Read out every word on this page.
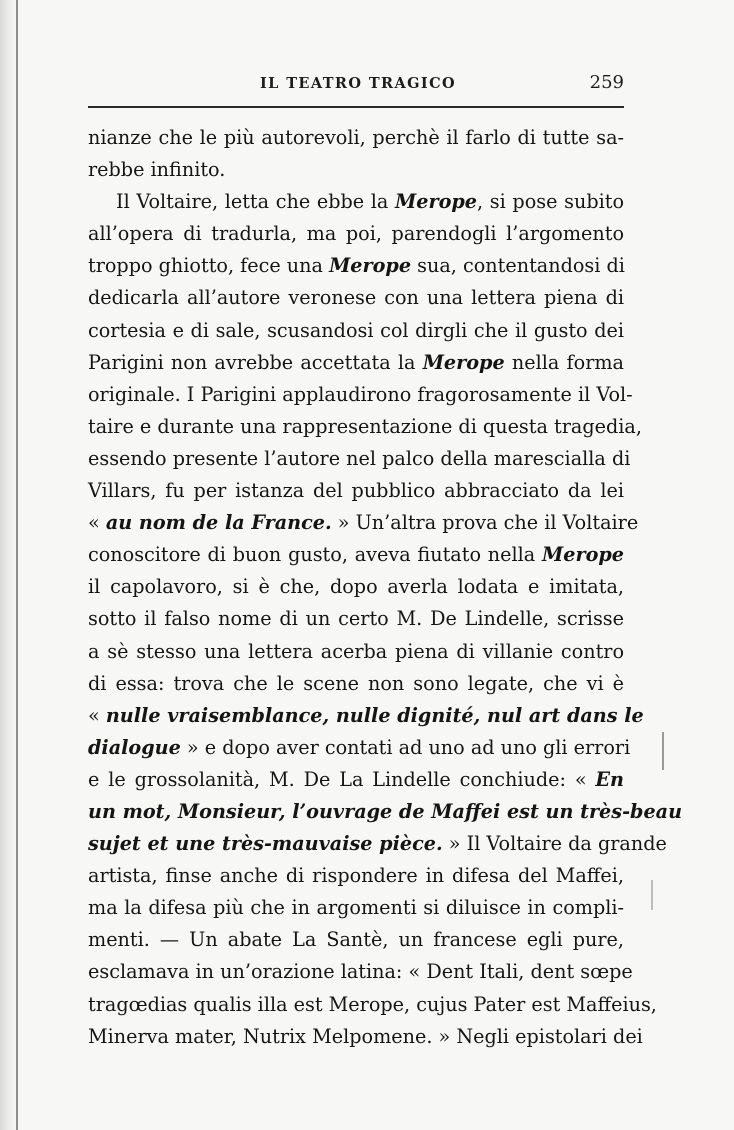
IL TEATRO TRAGICO	259
nianze che le più autorevoli, perchè il farlo di tutte sa-
rebbe infinito.
Il Voltaire, letta che ebbe la Merope, si pose subito
all’opera di tradurla, ma poi, parendogli l’argomento
troppo ghiotto, fece una Merope sua, contentandosi di
dedicarla all’autore veronese con una lettera piena di
cortesia e di sale, scusandosi col dirgli che il gusto dei
Parigini non avrebbe accettata la Merope nella forma
originale. I Parigini applaudirono fragorosamente il Vol-
taire e durante una rappresentazione di questa tragedia,
essendo presente l’autore nel palco della marescialla di
Villars, fu per istanza del pubblico abbracciato da lei
« au nom de la France. » Un’altra prova che il Voltaire
conoscitore di buon gusto, aveva fiutato nella Merope
il capolavoro, si è che, dopo averla lodata e imitata,
sotto il falso nome di un certo M. De Lindelle, scrisse
a sè stesso una lettera acerba piena di villanie contro
di essa: trova che le scene non sono legate, che vi è
« nulle vraisemblance, nulle dignité, nul art dans le
dialogue » e dopo aver contati ad uno ad uno gli errori
e le grossolanità, M. De La Lindelle conchiude: « En
un mot, Monsieur, l’ouvrage de Maffei est un très-beau
sujet et une très-mauvaise pièce. » Il Voltaire da grande
artista, finse anche di rispondere in difesa del Maffei,
ma la difesa più che in argomenti si diluisce in compli-
menti. — Un abate La Santè, un francese egli pure,
esclamava in un’orazione latina: « Dent Itali, dent sœpe
tragœdias qualis illa est Merope, cujus Pater est Maffeius,
Minerva mater, Nutrix Melpomene. » Negli epistolari dei
